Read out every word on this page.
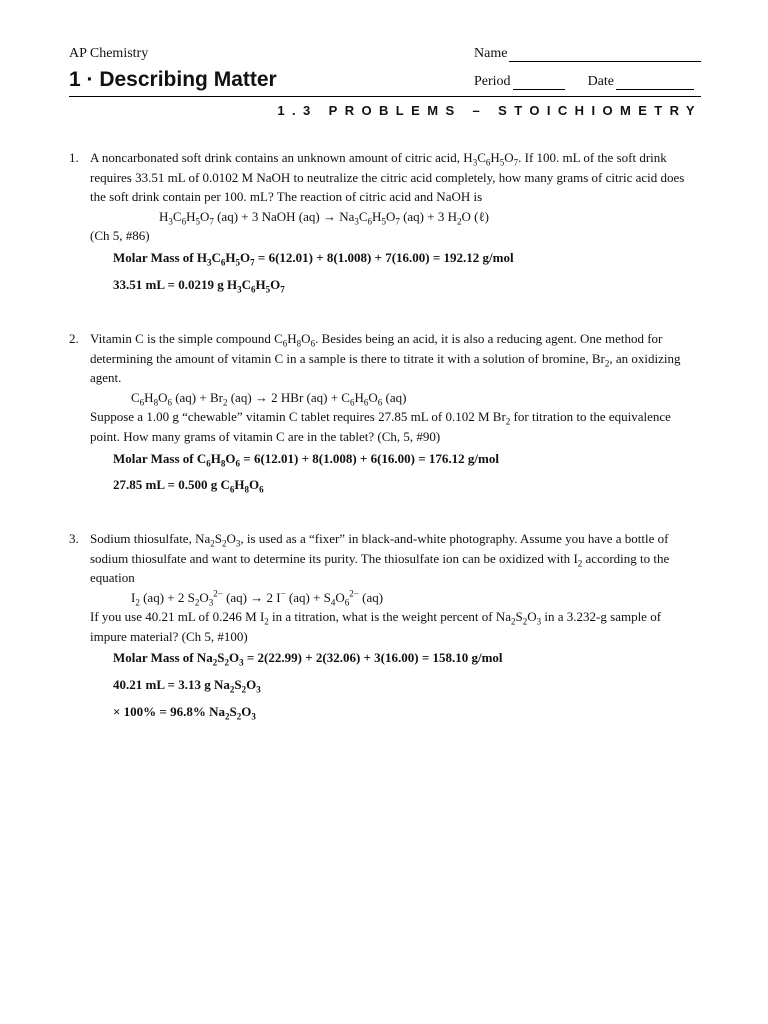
AP Chemistry
1 · Describing Matter
Name
Period	Date
1.3 PROBLEMS – STOICHIOMETRY
1. A noncarbonated soft drink contains an unknown amount of citric acid, $H_3C_6H_5O_7$. If 100. mL of the soft drink requires 33.51 mL of 0.0102 M NaOH to neutralize the citric acid completely, how many grams of citric acid does the soft drink contain per 100. mL? The reaction of citric acid and NaOH is
$H_3C_6H_5O_7$ (aq) + 3 NaOH $(aq) \to Na_3C_6H_5O_7$ (aq) + 3 $H_2O$ (ℓ)
(Ch 5, #86)
Molar Mass of $H_3C_6H_5O_7 = 6(12.01) + 8(1.008) + 7(16.00) = 192.12$ g/mol
33.51 mL = 0.0219 g $H_3C_6H_5O_7$
2. Vitamin C is the simple compound $C_6H_8O_6$. Besides being an acid, it is also a reducing agent. One method for determining the amount of vitamin C in a sample is there to titrate it with a solution of bromine, $Br_2$, an oxidizing agent.
$C_6H_8O_6$ $(aq) + Br_2$ (aq) → 2 HBr $(aq) + C_6H_6O_6$ (aq)
Suppose a 1.00 g “chewable” vitamin C tablet requires 27.85 mL of 0.102 M $Br_2$ for titration to the equivalence point. How many grams of vitamin C are in the tablet? (Ch, 5, #90)
Molar Mass of $C_6H_8O_6 = 6(12.01) + 8(1.008) + 6(16.00) = 176.12$ g/mol
27.85 mL = 0.500 g $C_6H_8O_6$
3. Sodium thiosulfate, $Na_2S_2O_3$, is used as a “fixer” in black-and-white photography. Assume you have a bottle of sodium thiosulfate and want to determine its purity. The thiosulfate ion can be oxidized with $I_2$ according to the equation
$I_2$ (aq) + 2 $S_2O_3^{2-}$ (aq) → 2 I− $(aq) + S_4O_6^{2-}$ (aq)
If you use 40.21 mL of 0.246 M $I_2$ in a titration, what is the weight percent of $Na_2S_2O_3$ in a 3.232-g sample of impure material? (Ch 5, #100)
Molar Mass of $Na_2S_2O_3 = 2(22.99) + 2(32.06) + 3(16.00) = 158.10$ g/mol
40.21 mL = 3.13 g $Na_2S_2O_3$
× 100% = 96.8% $Na_2S_2O_3$
